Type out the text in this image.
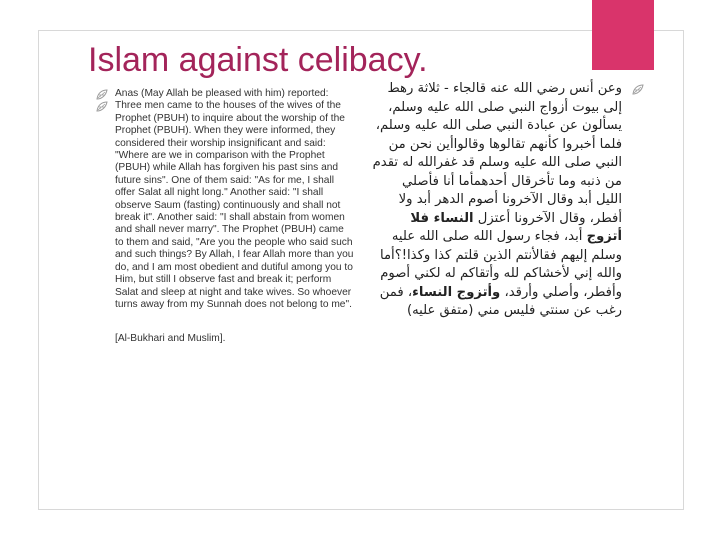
Islam against celibacy.
Anas (May Allah be pleased with him) reported:
Three men came to the houses of the wives of the Prophet (PBUH) to inquire about the worship of the Prophet (PBUH). When they were informed, they considered their worship insignificant and said: "Where are we in comparison with the Prophet (PBUH) while Allah has forgiven his past sins and future sins". One of them said: "As for me, I shall offer Salat all night long." Another said: "I shall observe Saum (fasting) continuously and shall not break it". Another said: "I shall abstain from women and shall never marry". The Prophet (PBUH) came to them and said, "Are you the people who said such and such things? By Allah, I fear Allah more than you do, and I am most obedient and dutiful among you to Him, but still I observe fast and break it; perform Salat and sleep at night and take wives. So whoever turns away from my Sunnah does not belong to me".
[Al-Bukhari and Muslim].
وعن أنس رضي الله عنه قالجاء - ثلاثة رهط إلى بيوت أزواج النبي صلى الله عليه وسلم، يسألون عن عبادة النبي صلى الله عليه وسلم، فلما أخبروا كأنهم تقالوها وقالواأين نحن من النبي صلى الله عليه وسلم قد غفرالله له تقدم من ذنبه وما تأخرقال أحدهمأما أنا فأصلي الليل أبد وقال الآخرونا أصوم الدهر أبد ولا أفطر، وقال الآخرونا أعتزل النساء فلا أتزوج أبد، فجاء رسول الله صلى الله عليه وسلم إليهم فقالأنتم الذين قلتم كذا وكذا!؟أما والله إني لأخشاكم لله وأتقاكم له لكني أصوم وأفطر، وأصلي وأرقد، وأتزوج النساء، فمن رغب عن سنتي فليس مني (متفق عليه)
